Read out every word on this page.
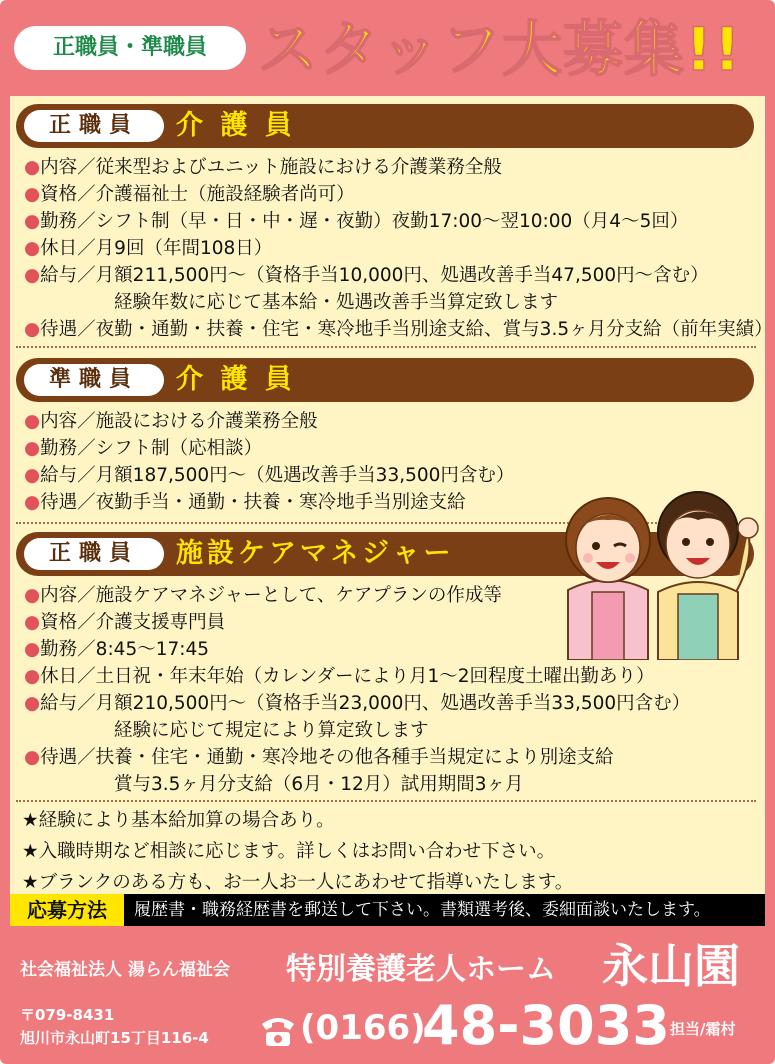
正職員・準職員 スタッフ大募集!!
正職員	介 護 員
●内容／従来型およびユニット施設における介護業務全般
●資格／介護福祉士（施設経験者尚可）
●勤務／シフト制（早・日・中・遅・夜勤）夜勤17:00〜翌10:00（月4〜5回）
●休日／月9回（年間108日）
●給与／月額211,500円〜（資格手当10,000円、処遇改善手当47,500円〜含む）
経験年数に応じて基本給・処遇改善手当算定致します
●待遇／夜勤・通勤・扶養・住宅・寒冷地手当別途支給、賞与3.5ヶ月分支給（前年実績）
準職員	介 護 員
●内容／施設における介護業務全般
●勤務／シフト制（応相談）
●給与／月額187,500円〜（処遇改善手当33,500円含む）
●待遇／夜勤手当・通勤・扶養・寒冷地手当別途支給
正職員	施設ケアマネジャー
●内容／施設ケアマネジャーとして、ケアプランの作成等
●資格／介護支援専門員
●勤務／8:45〜17:45
●休日／土日祝・年末年始（カレンダーにより月1〜2回程度土曜出勤あり）
●給与／月額210,500円〜（資格手当23,000円、処遇改善手当33,500円含む）
経験に応じて規定により算定致します
●待遇／扶養・住宅・通勤・寒冷地その他各種手当規定により別途支給
賞与3.5ヶ月分支給（6月・12月）試用期間3ヶ月
★経験により基本給加算の場合あり。
★入職時期など相談に応じます。詳しくはお問い合わせ下さい。
★ブランクのある方も、お一人お一人にあわせて指導いたします。
応募方法	履歴書・職務経歴書を郵送して下さい。書類選考後、委細面談いたします。
社会福祉法人 湯らん福祉会 特別養護老人ホーム 永山園
〒079-8431
旭川市永山町15丁目116-4	(0166)
48-3033 担当/霜村
